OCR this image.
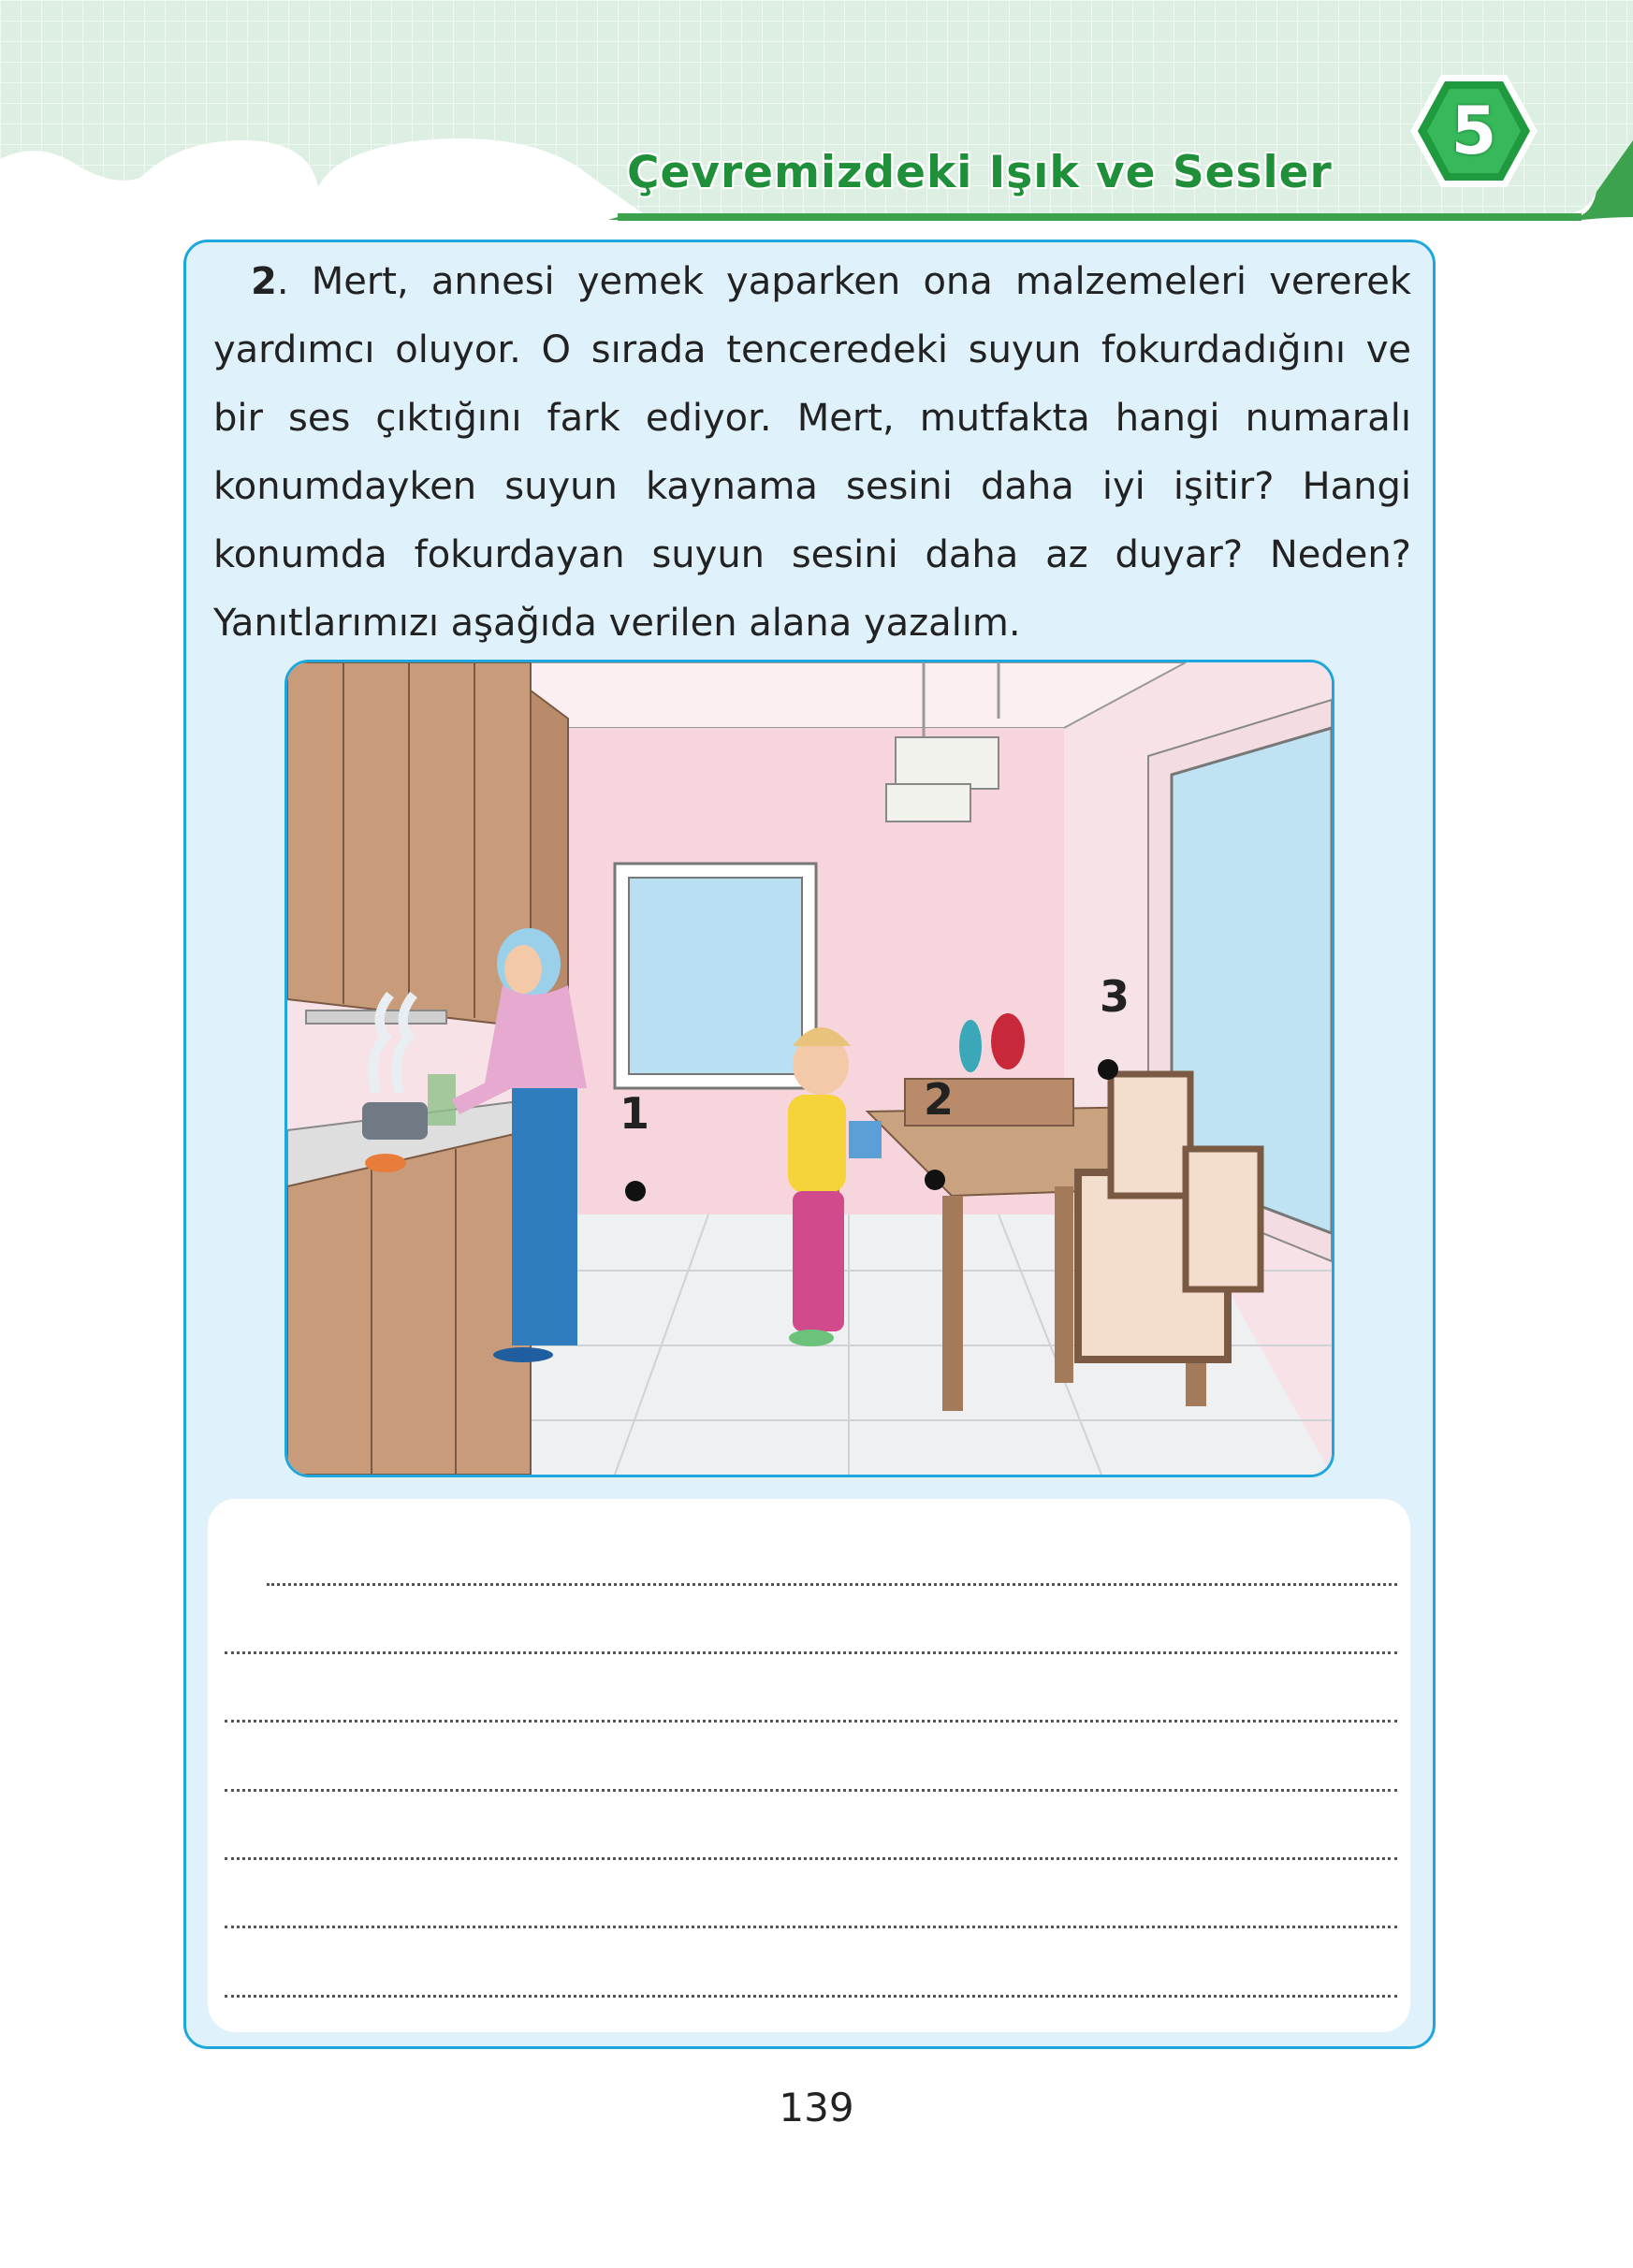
Çevremizdeki Işık ve Sesler
5

2. Mert, annesi yemek yaparken ona malzemeleri vererek yardımcı oluyor. O sırada tenceredeki suyun fokurdadığını ve bir ses çıktığını fark ediyor. Mert, mutfakta hangi numaralı konumdayken suyun kaynama sesini daha iyi işitir? Hangi konumda fokurdayan suyun sesini daha az duyar? Neden? Yanıtlarımızı aşağıda verilen alana yazalım.

1	2
3
139
